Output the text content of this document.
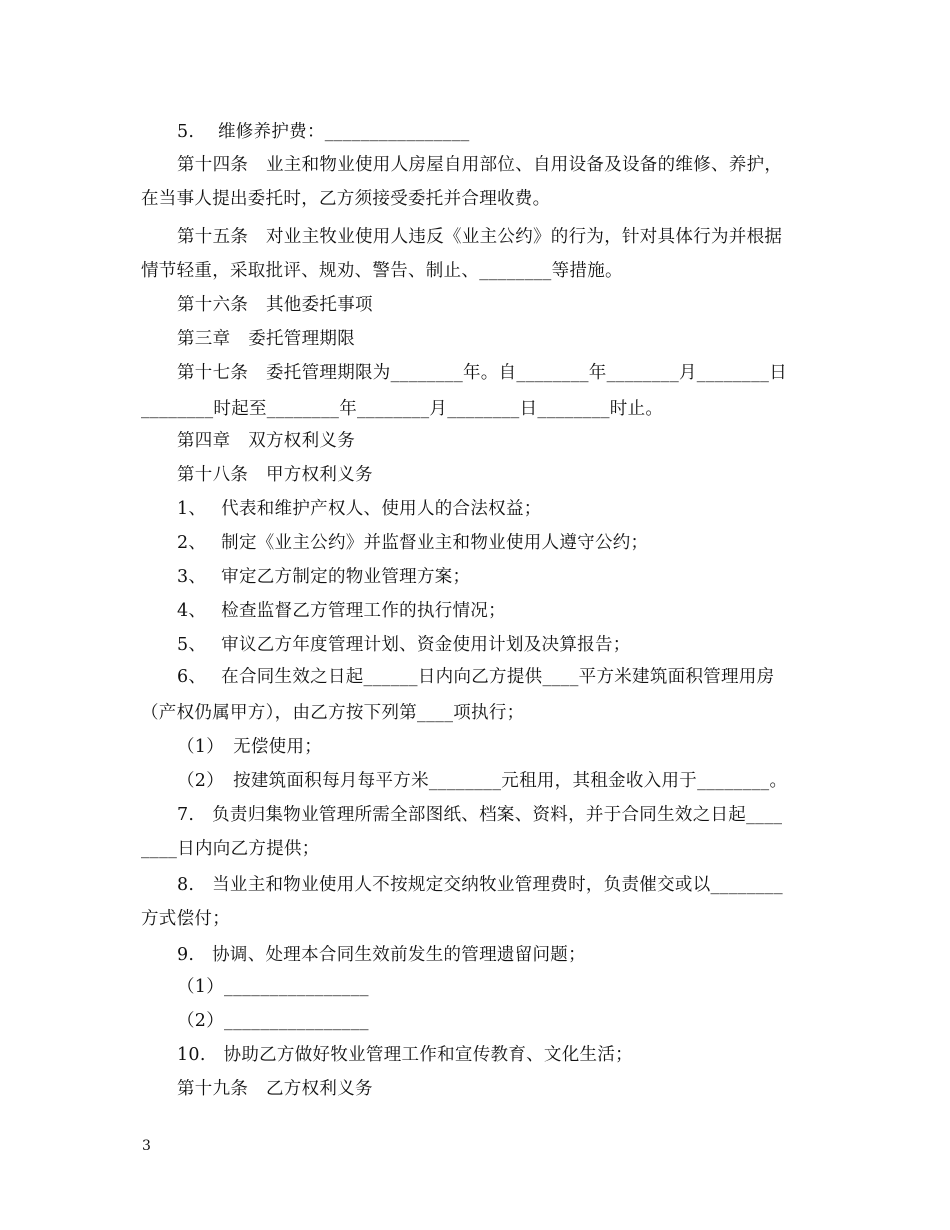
5.　 维修养护费：________________
第十四条　业主和物业使用人房屋自用部位、自用设备及设备的维修、养护，
在当事人提出委托时，乙方须接受委托并合理收费。
第十五条　对业主牧业使用人违反《业主公约》的行为，针对具体行为并根据
情节轻重，采取批评、规劝、警告、制止、________等措施。
第十六条　其他委托事项
第三章　委托管理期限
第十七条　委托管理期限为________年。自________年________月________日
________时起至________年________月________日________时止。
第四章　双方权利义务
第十八条　甲方权利义务
1、　 代表和维护产权人、使用人的合法权益；
2、　 制定《业主公约》并监督业主和物业使用人遵守公约；
3、　 审定乙方制定的物业管理方案；
4、　 检查监督乙方管理工作的执行情况；
5、　 审议乙方年度管理计划、资金使用计划及决算报告；
6、　 在合同生效之日起______日内向乙方提供____平方米建筑面积管理用房
（产权仍属甲方），由乙方按下列第____项执行；
（1）　无偿使用；
（2）　按建筑面积每月每平方米________元租用，其租金收入用于________。
7.　负责归集物业管理所需全部图纸、档案、资料，并于合同生效之日起____
____日内向乙方提供；
8.　当业主和物业使用人不按规定交纳牧业管理费时，负责催交或以________
方式偿付；
9.　协调、处理本合同生效前发生的管理遗留问题；
（1）________________
（2）________________
10.　协助乙方做好牧业管理工作和宣传教育、文化生活；
第十九条　乙方权利义务
3
